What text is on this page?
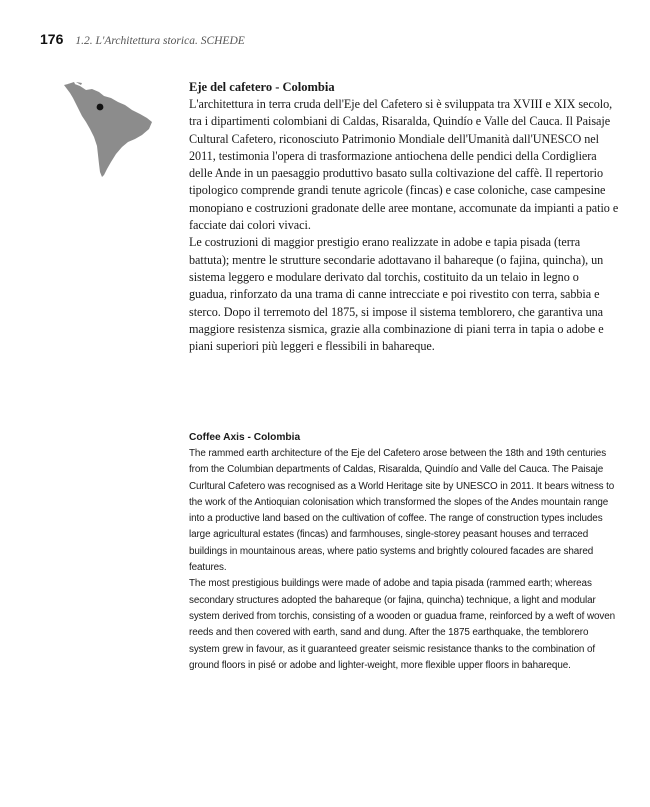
176 1.2. L'Architettura storica. SCHEDE

Eje del cafetero - Colombia

L'architettura in terra cruda dell'Eje del Cafetero si è sviluppata tra XVIII e XIX secolo, tra i dipartimenti colombiani di Caldas, Risaralda, Quindío e Valle del Cauca. Il Paisaje Cultural Cafetero, riconosciuto Patrimonio Mondiale dell'Umanità dall'UNESCO nel 2011, testimonia l'opera di trasformazione antiochena delle pendici della Cordigliera delle Ande in un paesaggio produttivo basato sulla coltivazione del caffè. Il repertorio tipologico comprende grandi tenute agricole (fincas) e case coloniche, case campesine monopiano e costruzioni gradonate delle aree montane, accomunate da impianti a patio e facciate dai colori vivaci.

Le costruzioni di maggior prestigio erano realizzate in adobe e tapia pisada (terra battuta); mentre le strutture secondarie adottavano il bahareque (o fajina, quincha), un sistema leggero e modulare derivato dal torchis, costituito da un telaio in legno o guadua, rinforzato da una trama di canne intrecciate e poi rivestito con terra, sabbia e sterco. Dopo il terremoto del 1875, si impose il sistema temblorero, che garantiva una maggiore resistenza sismica, grazie alla combinazione di piani terra in tapia o adobe e piani superiori più leggeri e flessibili in bahareque.

Coffee Axis - Colombia

The rammed earth architecture of the Eje del Cafetero arose between the 18th and 19th centuries from the Columbian departments of Caldas, Risaralda, Quindío and Valle del Cauca. The Paisaje Curltural Cafetero was recognised as a World Heritage site by UNESCO in 2011. It bears witness to the work of the Antioquian colonisation which transformed the slopes of the Andes mountain range into a productive land based on the cultivation of coffee. The range of construction types includes large agricultural estates (fincas) and farmhouses, single-storey peasant houses and terraced buildings in mountainous areas, where patio systems and brightly coloured facades are shared features.

The most prestigious buildings were made of adobe and tapia pisada (rammed earth; whereas secondary structures adopted the bahareque (or fajina, quincha) technique, a light and modular system derived from torchis, consisting of a wooden or guadua frame, reinforced by a weft of woven reeds and then covered with earth, sand and dung. After the 1875 earthquake, the temblorero system grew in favour, as it guaranteed greater seismic resistance thanks to the combination of ground floors in pisé or adobe and lighter-weight, more flexible upper floors in bahareque.
